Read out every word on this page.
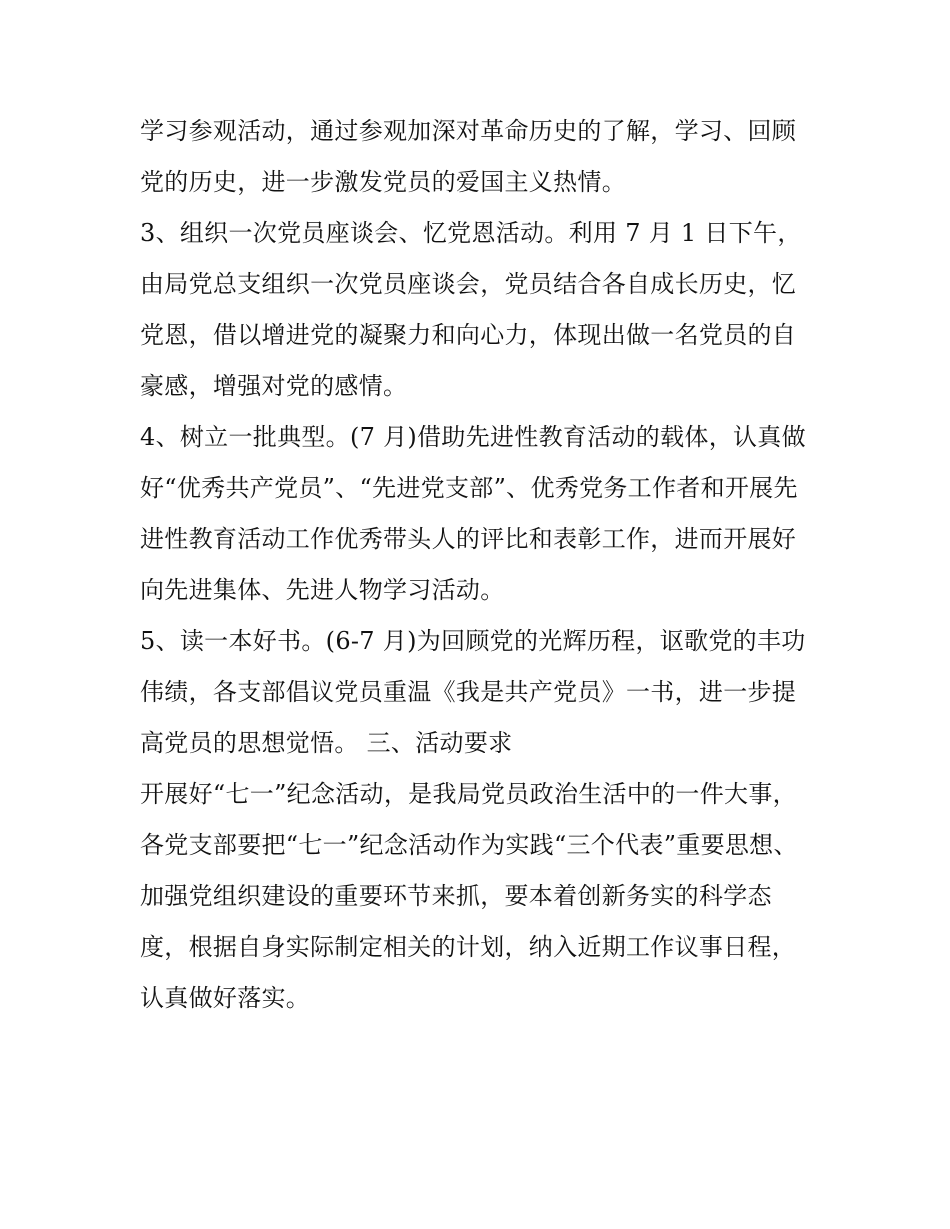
学习参观活动，通过参观加深对革命历史的了解，学习、回顾
党的历史，进一步激发党员的爱国主义热情。
3、组织一次党员座谈会、忆党恩活动。利用 7 月 1 日下午，
由局党总支组织一次党员座谈会，党员结合各自成长历史，忆
党恩，借以增进党的凝聚力和向心力，体现出做一名党员的自
豪感，增强对党的感情。
4、树立一批典型。(7 月)借助先进性教育活动的载体，认真做
好“优秀共产党员”、“先进党支部”、优秀党务工作者和开展先
进性教育活动工作优秀带头人的评比和表彰工作，进而开展好
向先进集体、先进人物学习活动。
5、读一本好书。(6-7 月)为回顾党的光辉历程，讴歌党的丰功
伟绩，各支部倡议党员重温《我是共产党员》一书，进一步提
高党员的思想觉悟。 三、活动要求
开展好“七一”纪念活动，是我局党员政治生活中的一件大事，
各党支部要把“七一”纪念活动作为实践“三个代表”重要思想、
加强党组织建设的重要环节来抓，要本着创新务实的科学态
度，根据自身实际制定相关的计划，纳入近期工作议事日程，
认真做好落实。
